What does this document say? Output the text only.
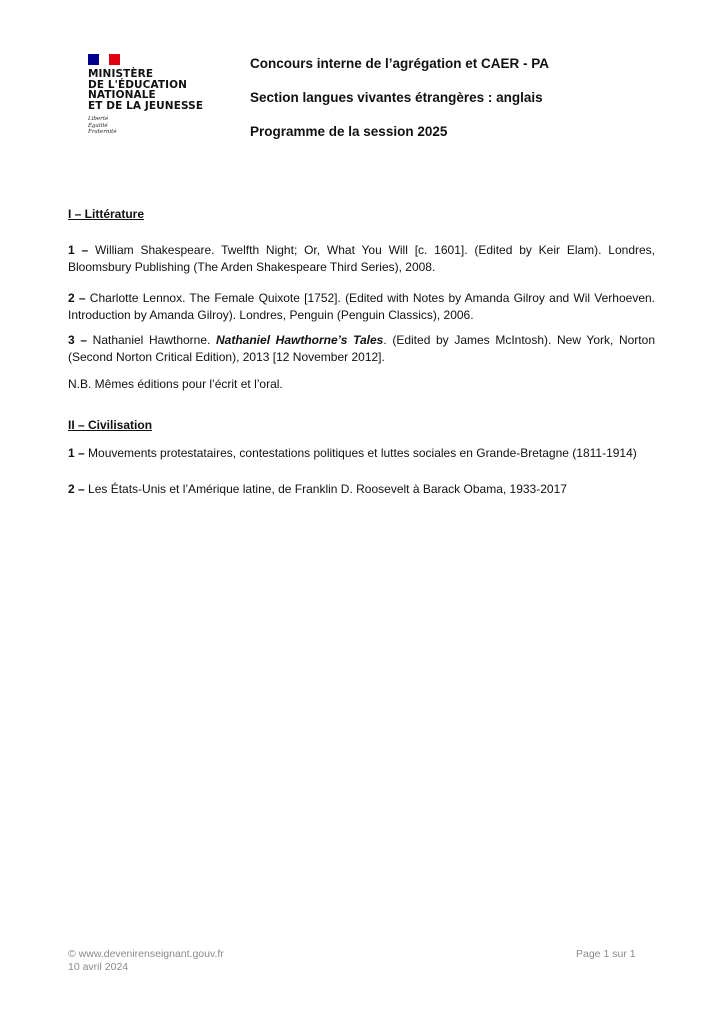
MINISTÈRE
DE L'ÉDUCATION
NATIONALE
ET DE LA JEUNESSE
Liberté
Égalité
Fraternité
Concours interne de l’agrégation et CAER - PA
Section langues vivantes étrangères : anglais
Programme de la session 2025
I – Littérature
1 – William Shakespeare. Twelfth Night; Or, What You Will [c. 1601]. (Edited by Keir Elam). Londres, Bloomsbury Publishing (The Arden Shakespeare Third Series), 2008.
2 – Charlotte Lennox. The Female Quixote [1752]. (Edited with Notes by Amanda Gilroy and Wil Verhoeven. Introduction by Amanda Gilroy). Londres, Penguin (Penguin Classics), 2006.
3 – Nathaniel Hawthorne. Nathaniel Hawthorne’s Tales. (Edited by James McIntosh). New York, Norton (Second Norton Critical Edition), 2013 [12 November 2012].
N.B. Mêmes éditions pour l’écrit et l’oral.
II – Civilisation
1 – Mouvements protestataires, contestations politiques et luttes sociales en Grande-Bretagne (1811-1914)
2 – Les États-Unis et l’Amérique latine, de Franklin D. Roosevelt à Barack Obama, 1933-2017
© www.devenirenseignant.gouv.fr
10 avril 2024
Page 1 sur 1
